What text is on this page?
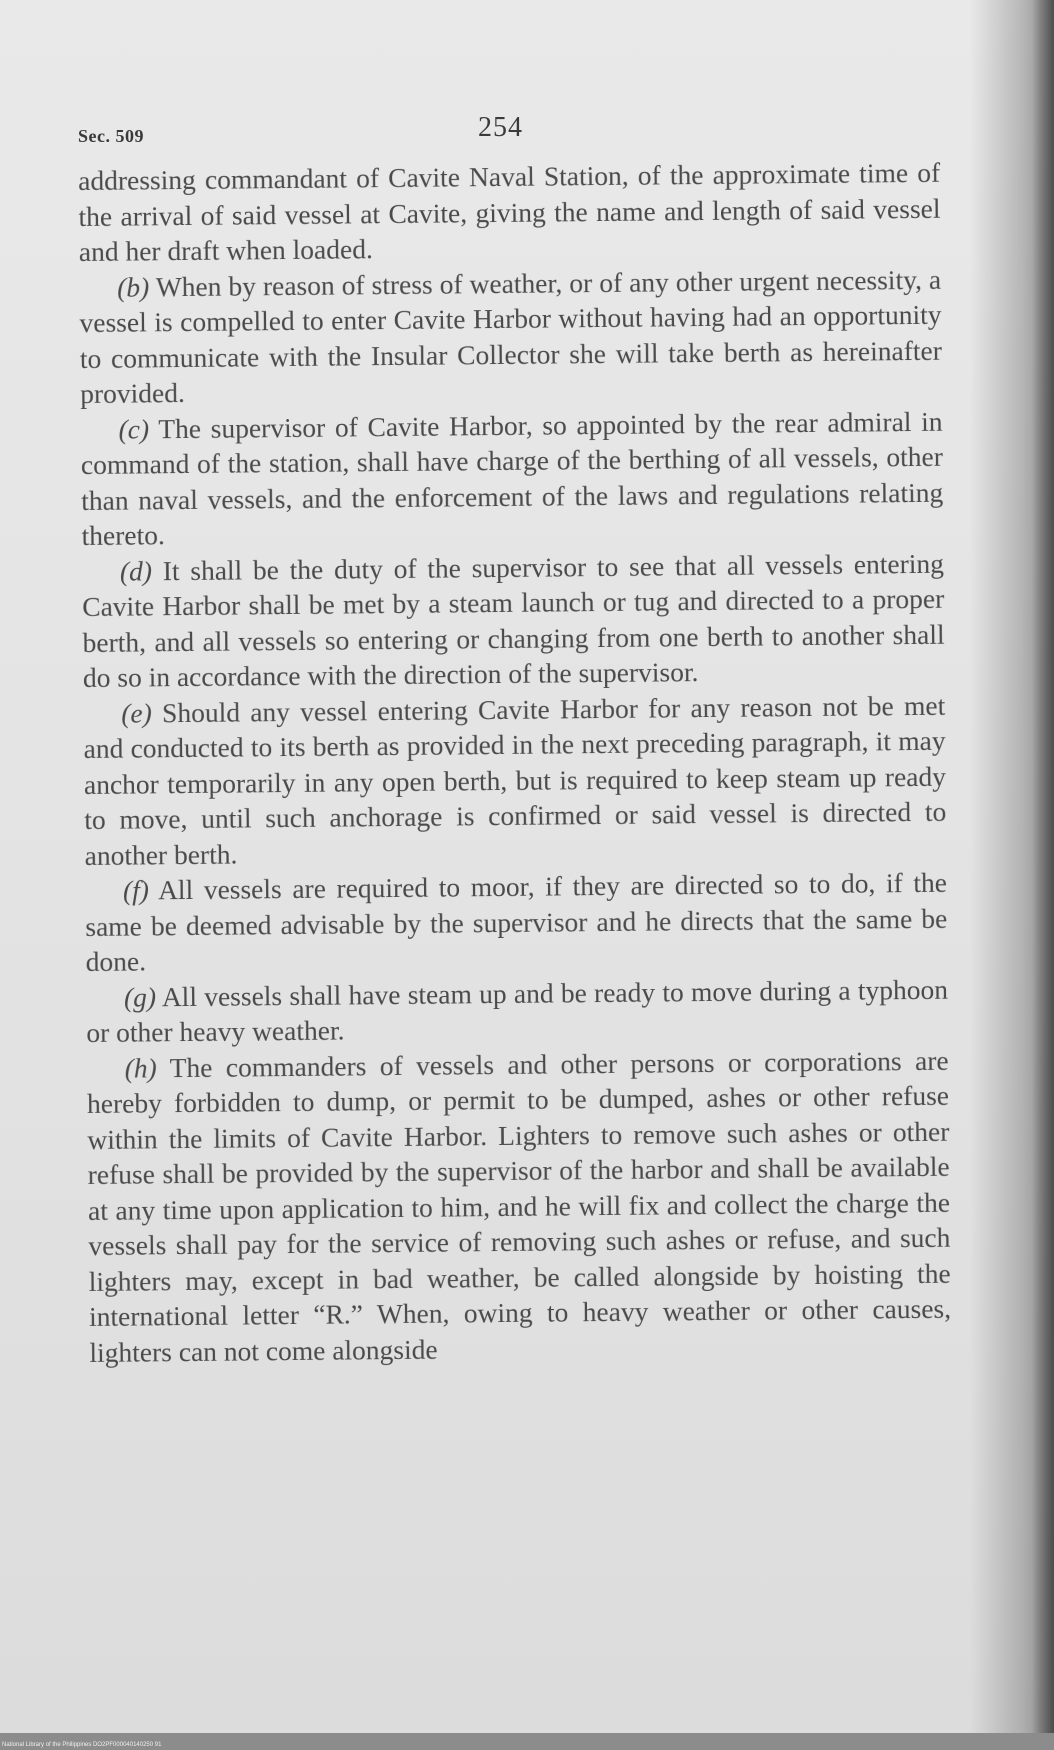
Sec. 509	254

addressing commandant of Cavite Naval Station, of the approximate time of the arrival of said vessel at Cavite, giving the name and length of said vessel and her draft when loaded.

(b) When by reason of stress of weather, or of any other urgent necessity, a vessel is compelled to enter Cavite Harbor without having had an opportunity to communicate with the Insular Collector she will take berth as hereinafter provided.

(c) The supervisor of Cavite Harbor, so appointed by the rear admiral in command of the station, shall have charge of the berthing of all vessels, other than naval vessels, and the enforcement of the laws and regulations relating thereto.

(d) It shall be the duty of the supervisor to see that all vessels entering Cavite Harbor shall be met by a steam launch or tug and directed to a proper berth, and all vessels so entering or changing from one berth to another shall do so in accordance with the direction of the supervisor.

(e) Should any vessel entering Cavite Harbor for any reason not be met and conducted to its berth as provided in the next preceding paragraph, it may anchor temporarily in any open berth, but is required to keep steam up ready to move, until such anchorage is confirmed or said vessel is directed to another berth.

(f) All vessels are required to moor, if they are directed so to do, if the same be deemed advisable by the supervisor and he directs that the same be done.

(g) All vessels shall have steam up and be ready to move during a typhoon or other heavy weather.

(h) The commanders of vessels and other persons or corporations are hereby forbidden to dump, or permit to be dumped, ashes or other refuse within the limits of Cavite Harbor. Lighters to remove such ashes or other refuse shall be provided by the supervisor of the harbor and shall be available at any time upon application to him, and he will fix and collect the charge the vessels shall pay for the service of removing such ashes or refuse, and such lighters may, except in bad weather, be called alongside by hoisting the international letter “R.” When, owing to heavy weather or other causes, lighters can not come alongside

National Library of the Philippines DO2PF000040140250 91
